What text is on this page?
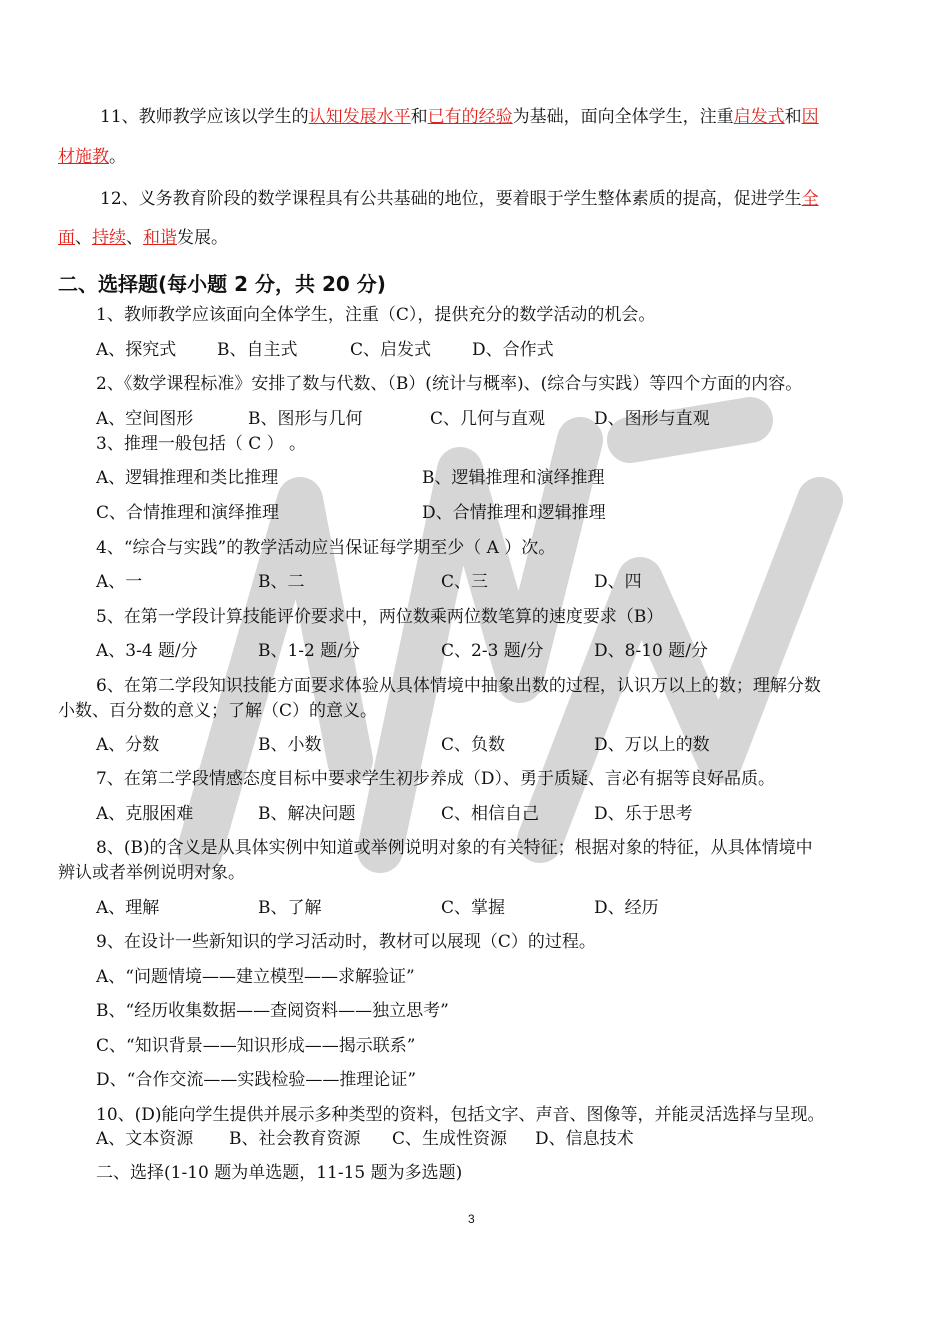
11、教师教学应该以学生的认知发展水平和已有的经验为基础，面向全体学生，注重启发式和因
材施教。
12、义务教育阶段的数学课程具有公共基础的地位，要着眼于学生整体素质的提高，促进学生全
面、持续、和谐发展。
二、选择题(每小题 2 分，共 20 分)
1、教师教学应该面向全体学生，注重（C），提供充分的数学活动的机会。
A、探究式 B、自主式	C、启发式 D、合作式
2、《数学课程标准》安排了数与代数、（B）(统计与概率)、(综合与实践）等四个方面的内容。
A、空间图形	B、图形与几何	C、几何与直观	D、图形与直观
3、推理一般包括（ C ） 。
A、逻辑推理和类比推理	B、逻辑推理和演绎推理
C、合情推理和演绎推理	D、合情推理和逻辑推理
4、“综合与实践”的教学活动应当保证每学期至少（ A ）次。
A、一	B、二	C、三	D、四
5、在第一学段计算技能评价要求中，两位数乘两位数笔算的速度要求（B）
A、3-4 题/分	B、1-2 题/分	C、2-3 题/分	D、8-10 题/分
6、在第二学段知识技能方面要求体验从具体情境中抽象出数的过程，认识万以上的数；理解分数
小数、百分数的意义；了解（C）的意义。
A、分数	B、小数	C、负数	D、万以上的数
7、在第二学段情感态度目标中要求学生初步养成（D）、勇于质疑、言必有据等良好品质。
A、克服困难	B、解决问题	C、相信自己	D、乐于思考
8、(B)的含义是从具体实例中知道或举例说明对象的有关特征；根据对象的特征，从具体情境中
辨认或者举例说明对象。
A、理解	B、了解	C、掌握	D、经历
9、在设计一些新知识的学习活动时，教材可以展现（C）的过程。
A、“问题情境——建立模型——求解验证”
B、“经历收集数据——查阅资料——独立思考”
C、“知识背景——知识形成——揭示联系”
D、“合作交流——实践检验——推理论证”
10、(D)能向学生提供并展示多种类型的资料，包括文字、声音、图像等，并能灵活选择与呈现。
A、文本资源 B、社会教育资源 C、生成性资源 D、信息技术
二、选择(1-10 题为单选题，11-15 题为多选题)
3
